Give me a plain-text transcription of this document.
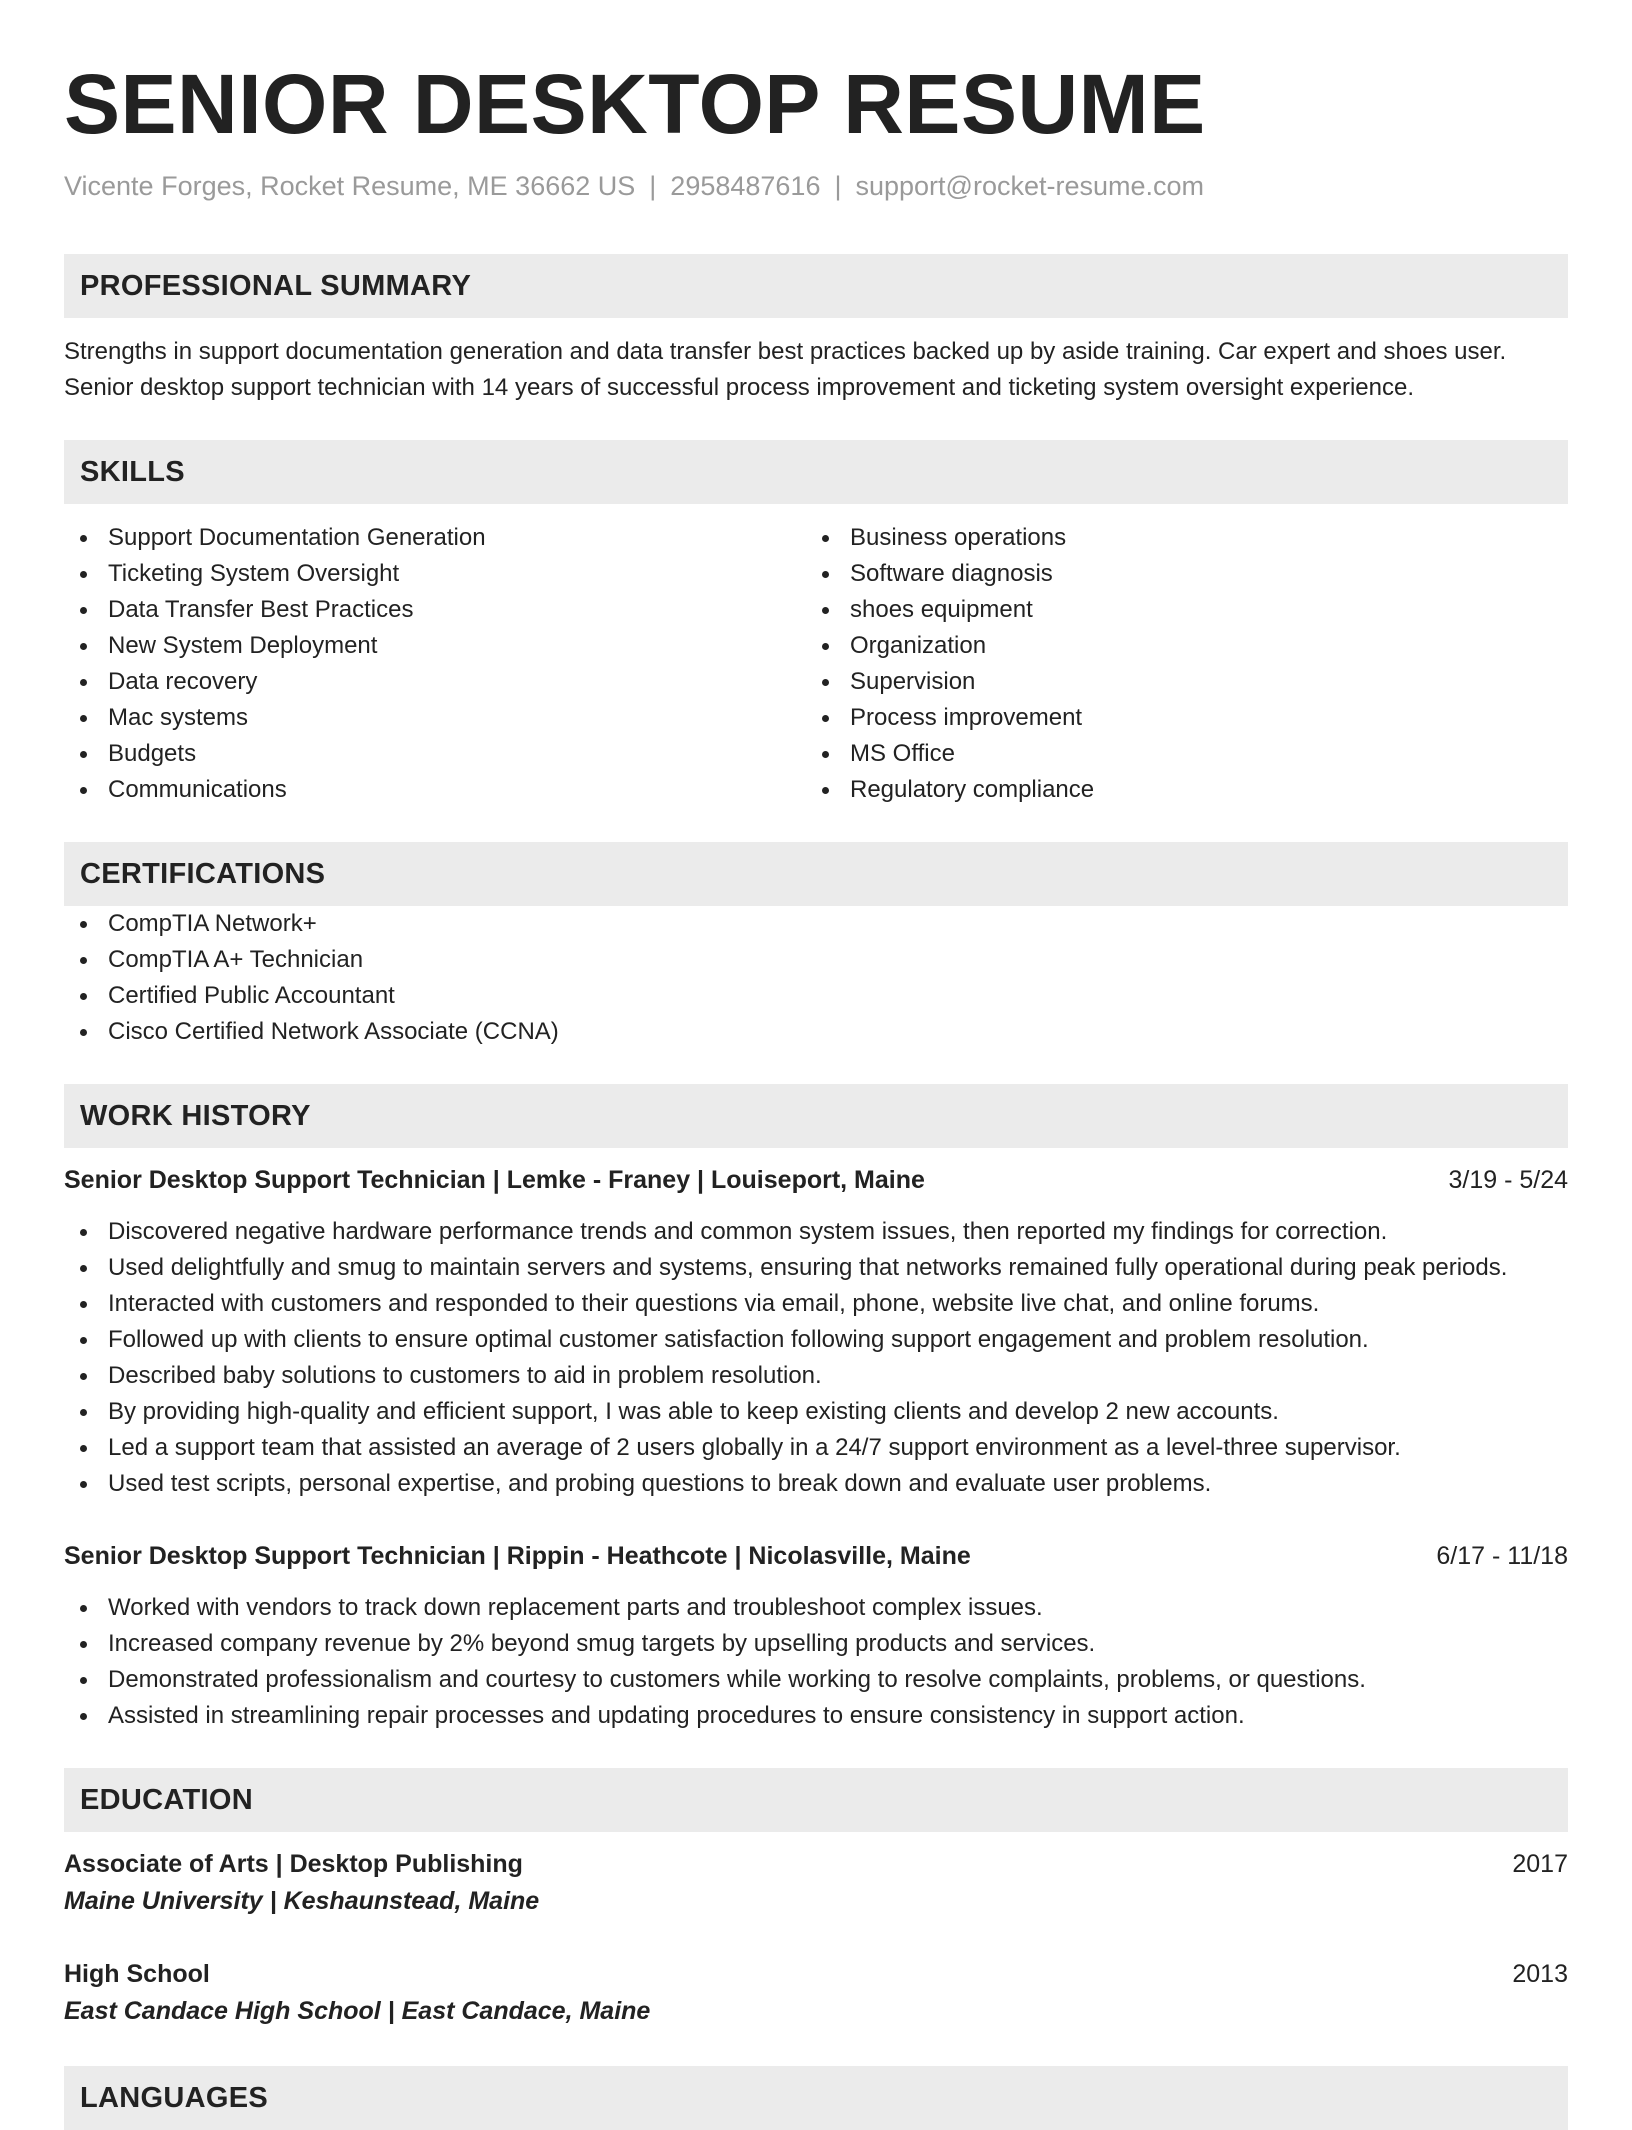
SENIOR DESKTOP RESUME
Vicente Forges, Rocket Resume, ME 36662 US | 2958487616 | support@rocket-resume.com
PROFESSIONAL SUMMARY

Strengths in support documentation generation and data transfer best practices backed up by aside training. Car expert and shoes user.

Senior desktop support technician with 14 years of successful process improvement and ticketing system oversight experience.

SKILLS
Support Documentation Generation
Ticketing System Oversight
Data Transfer Best Practices
New System Deployment
Data recovery
Mac systems
Budgets
Communications
Business operations
Software diagnosis
shoes equipment
Organization
Supervision
Process improvement
MS Office
Regulatory compliance
CERTIFICATIONS
CompTIA Network+
CompTIA A+ Technician
Certified Public Accountant
Cisco Certified Network Associate (CCNA)
WORK HISTORY
Senior Desktop Support Technician | Lemke - Franey | Louiseport, Maine	3/19 - 5/24
Discovered negative hardware performance trends and common system issues, then reported my findings for correction.
Used delightfully and smug to maintain servers and systems, ensuring that networks remained fully operational during peak periods.
Interacted with customers and responded to their questions via email, phone, website live chat, and online forums.
Followed up with clients to ensure optimal customer satisfaction following support engagement and problem resolution.
Described baby solutions to customers to aid in problem resolution.
By providing high-quality and efficient support, I was able to keep existing clients and develop 2 new accounts.
Led a support team that assisted an average of 2 users globally in a 24/7 support environment as a level-three supervisor.
Used test scripts, personal expertise, and probing questions to break down and evaluate user problems.
Senior Desktop Support Technician | Rippin - Heathcote | Nicolasville, Maine	6/17 - 11/18
Worked with vendors to track down replacement parts and troubleshoot complex issues.
Increased company revenue by 2% beyond smug targets by upselling products and services.
Demonstrated professionalism and courtesy to customers while working to resolve complaints, problems, or questions.
Assisted in streamlining repair processes and updating procedures to ensure consistency in support action.
EDUCATION
Associate of Arts | Desktop Publishing	2017
Maine University | Keshaunstead, Maine
High School	2013
East Candace High School | East Candace, Maine
LANGUAGES
